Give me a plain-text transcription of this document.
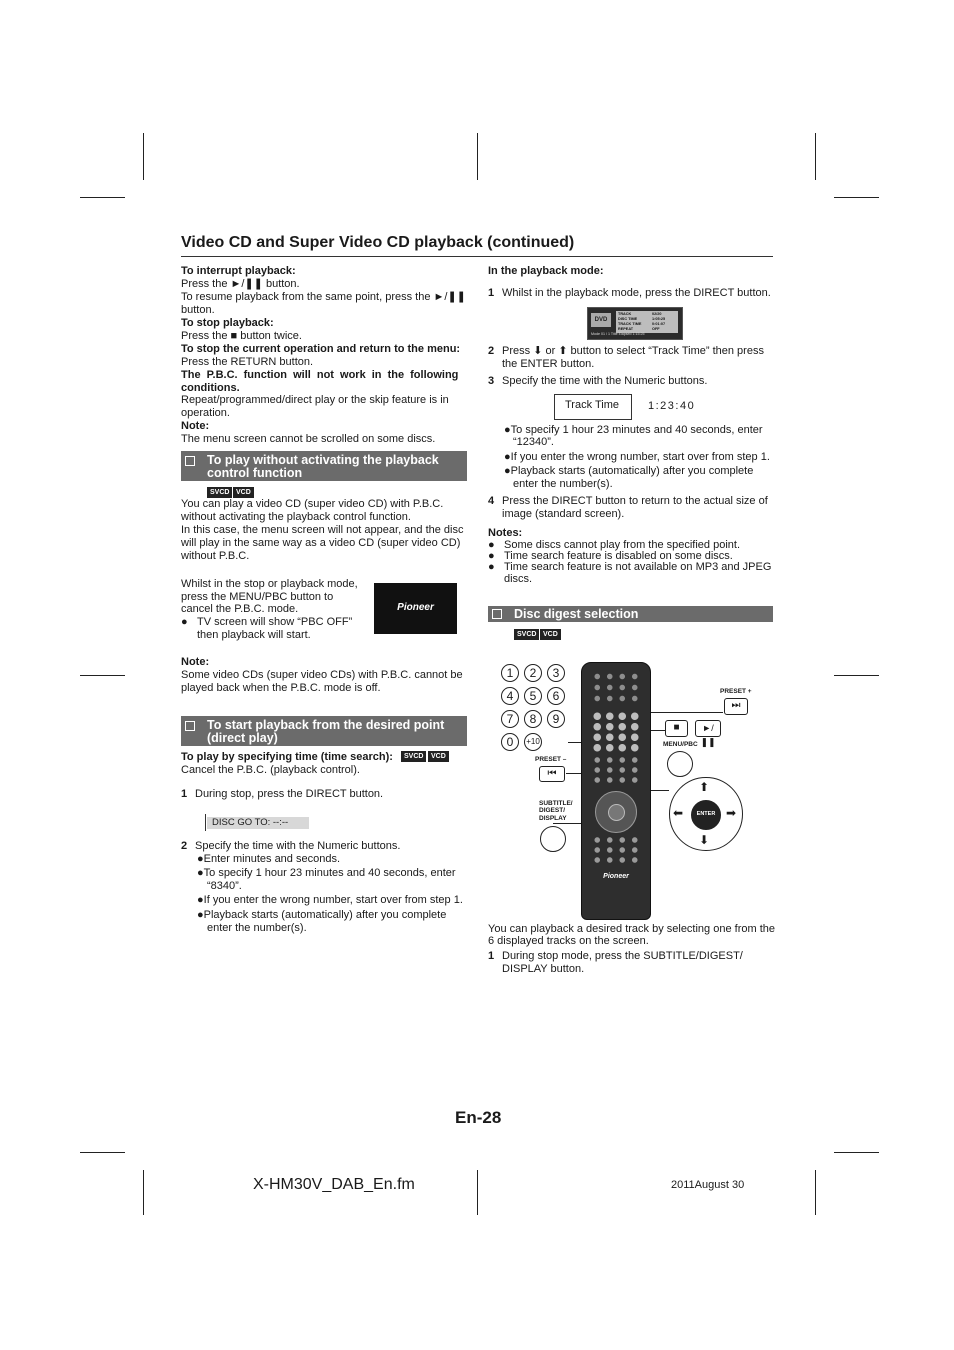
Video CD and Super Video CD playback (continued)
To interrupt playback:
Press the ►/❚❚ button.
To resume playback from the same point, press the ►/❚❚
button.
To stop playback:
Press the ■ button twice.
To stop the current operation and return to the menu:
Press the RETURN button.
The P.B.C. function will not work in the following
conditions.
Repeat/programmed/direct play or the skip feature is in
operation.
Note:
The menu screen cannot be scrolled on some discs.
To play without activating the playback
control function
SVCD VCD
You can play a video CD (super video CD) with P.B.C.
without activating the playback control function.
In this case, the menu screen will not appear, and the disc
will play in the same way as a video CD (super video CD)
without P.B.C.
Whilst in the stop or playback mode,
press the MENU/PBC button to
cancel the P.B.C. mode.
● TV screen will show “PBC OFF”
then playback will start.
Pioneer
Note:
Some video CDs (super video CDs) with P.B.C. cannot be
played back when the P.B.C. mode is off.
To start playback from the desired point
(direct play)
To play by specifying time (time search):	SVCD	VCD
Cancel the P.B.C. (playback control).
1 During stop, press the DIRECT button.
DISC GO TO: --:--
2 Specify the time with the Numeric buttons.
●Enter minutes and seconds.
●To specify 1 hour 23 minutes and 40 seconds, enter
“8340”.
●If you enter the wrong number, start over from step 1.
●Playback starts (automatically) after you complete
enter the number(s).
In the playback mode:
1 Whilst in the playback mode, press the DIRECT button.
DVD
TRACK	02/20
DISC TIME	1:05:25
TRACK TIME	0:01:07
REPEAT	OFF
Mode 01 / 1 Title Elapsed 1:15:25
2 Press ⬇ or ⬆ button to select “Track Time” then press
the ENTER button.
3 Specify the time with the Numeric buttons.
Track Time	1:23:40
●To specify 1 hour 23 minutes and 40 seconds, enter
“12340”.
●If you enter the wrong number, start over from step 1.
●Playback starts (automatically) after you complete
enter the number(s).
4 Press the DIRECT button to return to the actual size of
image (standard screen).
Notes:
● Some discs cannot play from the specified point.
● Time search feature is disabled on some discs.
● Time search feature is not available on MP3 and JPEG
discs.
Disc digest selection
SVCD VCD
1	2	3
4	5	6
7	8	9
0	+10
Pioneer
PRESET +
⏭
■	►/❚❚
MENU/PBC
PRESET –
⏮
SUBTITLE/
DIGEST/
DISPLAY
⬆
⬇
⬅	➡
ENTER
You can playback a desired track by selecting one from the
6 displayed tracks on the screen.
1 During stop mode, press the SUBTITLE/DIGEST/
DISPLAY button.
En-28
X-HM30V_DAB_En.fm	2011August 30
